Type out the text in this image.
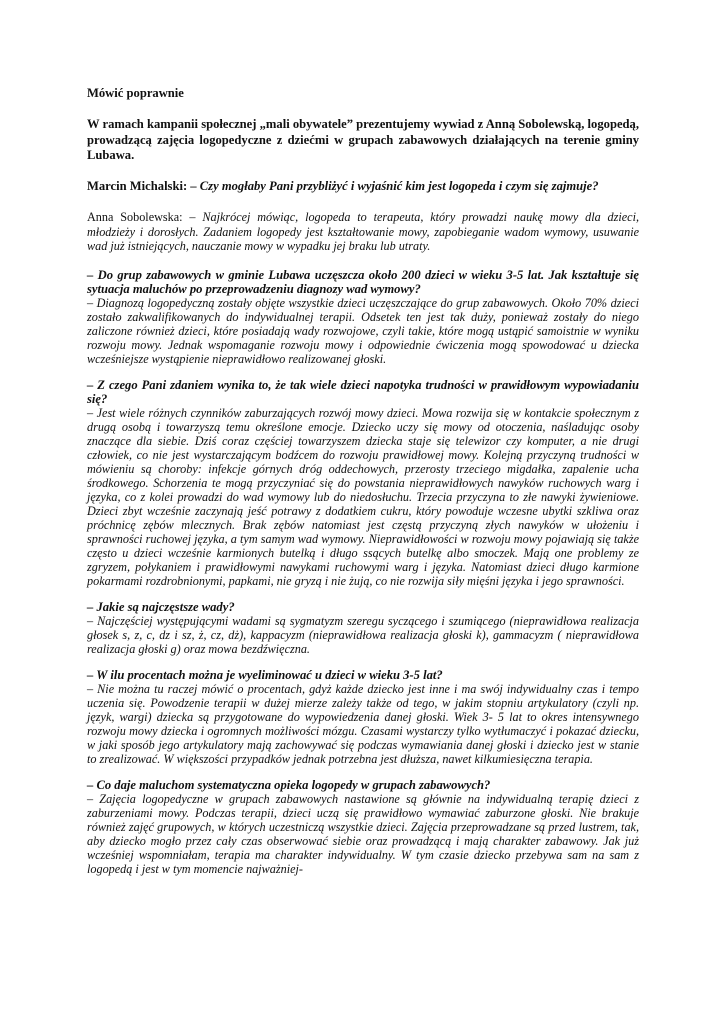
Mówić poprawnie

W ramach kampanii społecznej „mali obywatele” prezentujemy wywiad z Anną Sobolewską, logopedą, prowadzącą zajęcia logopedyczne z dziećmi w grupach zabawowych działających na terenie gminy Lubawa.

Marcin Michalski: – Czy mogłaby Pani przybliżyć i wyjaśnić kim jest logopeda i czym się zajmuje?

Anna Sobolewska: – Najkrócej mówiąc, logopeda to terapeuta, który prowadzi naukę mowy dla dzieci, młodzieży i dorosłych. Zadaniem logopedy jest kształtowanie mowy, zapobieganie wadom wymowy, usuwanie wad już istniejących, nauczanie mowy w wypadku jej braku lub utraty.

– Do grup zabawowych w gminie Lubawa uczęszcza około 200 dzieci w wieku 3-5 lat. Jak kształtuje się sytuacja maluchów po przeprowadzeniu diagnozy wad wymowy?

– Diagnozą logopedyczną zostały objęte wszystkie dzieci uczęszczające do grup zabawowych. Około 70% dzieci zostało zakwalifikowanych do indywidualnej terapii. Odsetek ten jest tak duży, ponieważ zostały do niego zaliczone również dzieci, które posiadają wady rozwojowe, czyli takie, które mogą ustąpić samoistnie w wyniku rozwoju mowy. Jednak wspomaganie rozwoju mowy i odpowiednie ćwiczenia mogą spowodować u dziecka wcześniejsze wystąpienie nieprawidłowo realizowanej głoski.

– Z czego Pani zdaniem wynika to, że tak wiele dzieci napotyka trudności w prawidłowym wypowiadaniu się?

– Jest wiele różnych czynników zaburzających rozwój mowy dzieci. Mowa rozwija się w kontakcie społecznym z drugą osobą i towarzyszą temu określone emocje. Dziecko uczy się mowy od otoczenia, naśladując osoby znaczące dla siebie. Dziś coraz częściej towarzyszem dziecka staje się telewizor czy komputer, a nie drugi człowiek, co nie jest wystarczającym bodźcem do rozwoju prawidłowej mowy. Kolejną przyczyną trudności w mówieniu są choroby: infekcje górnych dróg oddechowych, przerosty trzeciego migdałka, zapalenie ucha środkowego. Schorzenia te mogą przyczyniać się do powstania nieprawidłowych nawyków ruchowych warg i języka, co z kolei prowadzi do wad wymowy lub do niedosłuchu. Trzecia przyczyna to złe nawyki żywieniowe. Dzieci zbyt wcześnie zaczynają jeść potrawy z dodatkiem cukru, który powoduje wczesne ubytki szkliwa oraz próchnicę zębów mlecznych. Brak zębów natomiast jest częstą przyczyną złych nawyków w ułożeniu i sprawności ruchowej języka, a tym samym wad wymowy. Nieprawidłowości w rozwoju mowy pojawiają się także często u dzieci wcześnie karmionych butelką i długo ssących butelkę albo smoczek. Mają one problemy ze zgryzem, połykaniem i prawidłowymi nawykami ruchowymi warg i języka. Natomiast dzieci długo karmione pokarmami rozdrobnionymi, papkami, nie gryzą i nie żują, co nie rozwija siły mięśni języka i jego sprawności.

– Jakie są najczęstsze wady?

– Najczęściej występującymi wadami są sygmatyzm szeregu syczącego i szumiącego (nieprawidłowa realizacja głosek s, z, c, dz i sz, ż, cz, dż), kappacyzm (nieprawidłowa realizacja głoski k), gammacyzm ( nieprawidłowa realizacja głoski g) oraz mowa bezdźwięczna.

– W ilu procentach można je wyeliminować u dzieci w wieku 3-5 lat?

– Nie można tu raczej mówić o procentach, gdyż każde dziecko jest inne i ma swój indywidualny czas i tempo uczenia się. Powodzenie terapii w dużej mierze zależy także od tego, w jakim stopniu artykulatory (czyli np. język, wargi) dziecka są przygotowane do wypowiedzenia danej głoski. Wiek 3- 5 lat to okres intensywnego rozwoju mowy dziecka i ogromnych możliwości mózgu. Czasami wystarczy tylko wytłumaczyć i pokazać dziecku, w jaki sposób jego artykulatory mają zachowywać się podczas wymawiania danej głoski i dziecko jest w stanie to zrealizować. W większości przypadków jednak potrzebna jest dłuższa, nawet kilkumiesięczna terapia.

– Co daje maluchom systematyczna opieka logopedy w grupach zabawowych?

– Zajęcia logopedyczne w grupach zabawowych nastawione są głównie na indywidualną terapię dzieci z zaburzeniami mowy. Podczas terapii, dzieci uczą się prawidłowo wymawiać zaburzone głoski. Nie brakuje również zajęć grupowych, w których uczestniczą wszystkie dzieci. Zajęcia przeprowadzane są przed lustrem, tak, aby dziecko mogło przez cały czas obserwować siebie oraz prowadzącą i mają charakter zabawowy. Jak już wcześniej wspomniałam, terapia ma charakter indywidualny. W tym czasie dziecko przebywa sam na sam z logopedą i jest w tym momencie najważniej-
